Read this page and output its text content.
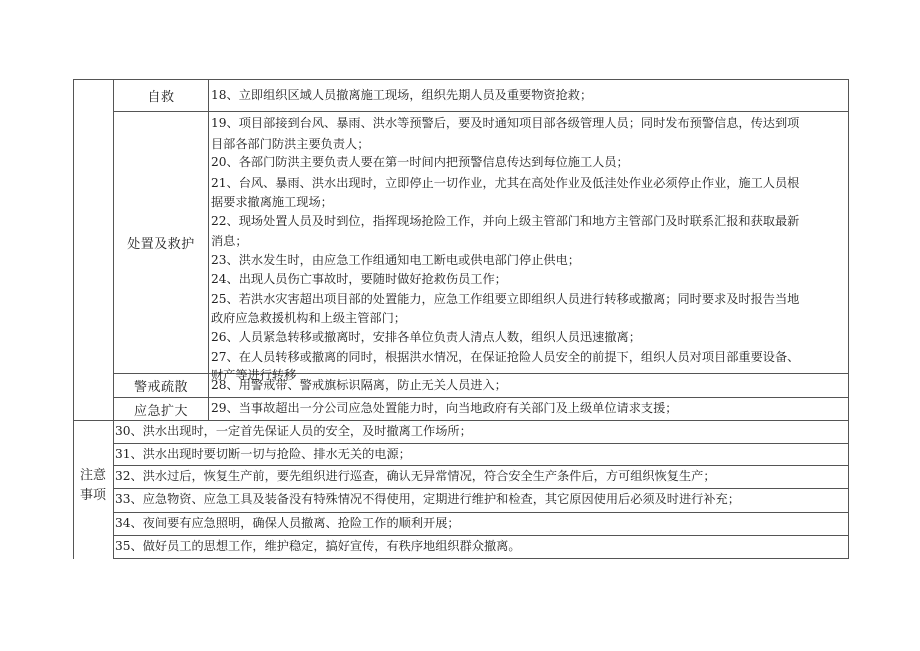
自救	18、立即组织区域人员撤离施工现场，组织先期人员及重要物资抢救；
处置及救护
19、项目部接到台风、暴雨、洪水等预警后，要及时通知项目部各级管理人员；同时发布预警信息，传达到项
目部各部门防洪主要负责人；
20、各部门防洪主要负责人要在第一时间内把预警信息传达到每位施工人员；
21、台风、暴雨、洪水出现时，立即停止一切作业，尤其在高处作业及低洼处作业必须停止作业，施工人员根
据要求撤离施工现场；
22、现场处置人员及时到位，指挥现场抢险工作，并向上级主管部门和地方主管部门及时联系汇报和获取最新
消息；
23、洪水发生时，由应急工作组通知电工断电或供电部门停止供电；
24、出现人员伤亡事故时，要随时做好抢救伤员工作；
25、若洪水灾害超出项目部的处置能力，应急工作组要立即组织人员进行转移或撤离；同时要求及时报告当地
政府应急救援机构和上级主管部门；
26、人员紧急转移或撤离时，安排各单位负责人清点人数，组织人员迅速撤离；
27、在人员转移或撤离的同时，根据洪水情况，在保证抢险人员安全的前提下，组织人员对项目部重要设备、
财产等进行转移
警戒疏散	28、用警戒带、警戒旗标识隔离，防止无关人员进入；
应急扩大	29、当事故超出一分公司应急处置能力时，向当地政府有关部门及上级单位请求支援；
注意
事项
30、洪水出现时，一定首先保证人员的安全，及时撤离工作场所；
31、洪水出现时要切断一切与抢险、排水无关的电源；
32、洪水过后，恢复生产前，要先组织进行巡查，确认无异常情况，符合安全生产条件后，方可组织恢复生产；
33、应急物资、应急工具及装备没有特殊情况不得使用，定期进行维护和检查，其它原因使用后必须及时进行补充；
34、夜间要有应急照明，确保人员撤离、抢险工作的顺利开展；
35、做好员工的思想工作，维护稳定，搞好宣传，有秩序地组织群众撤离。
